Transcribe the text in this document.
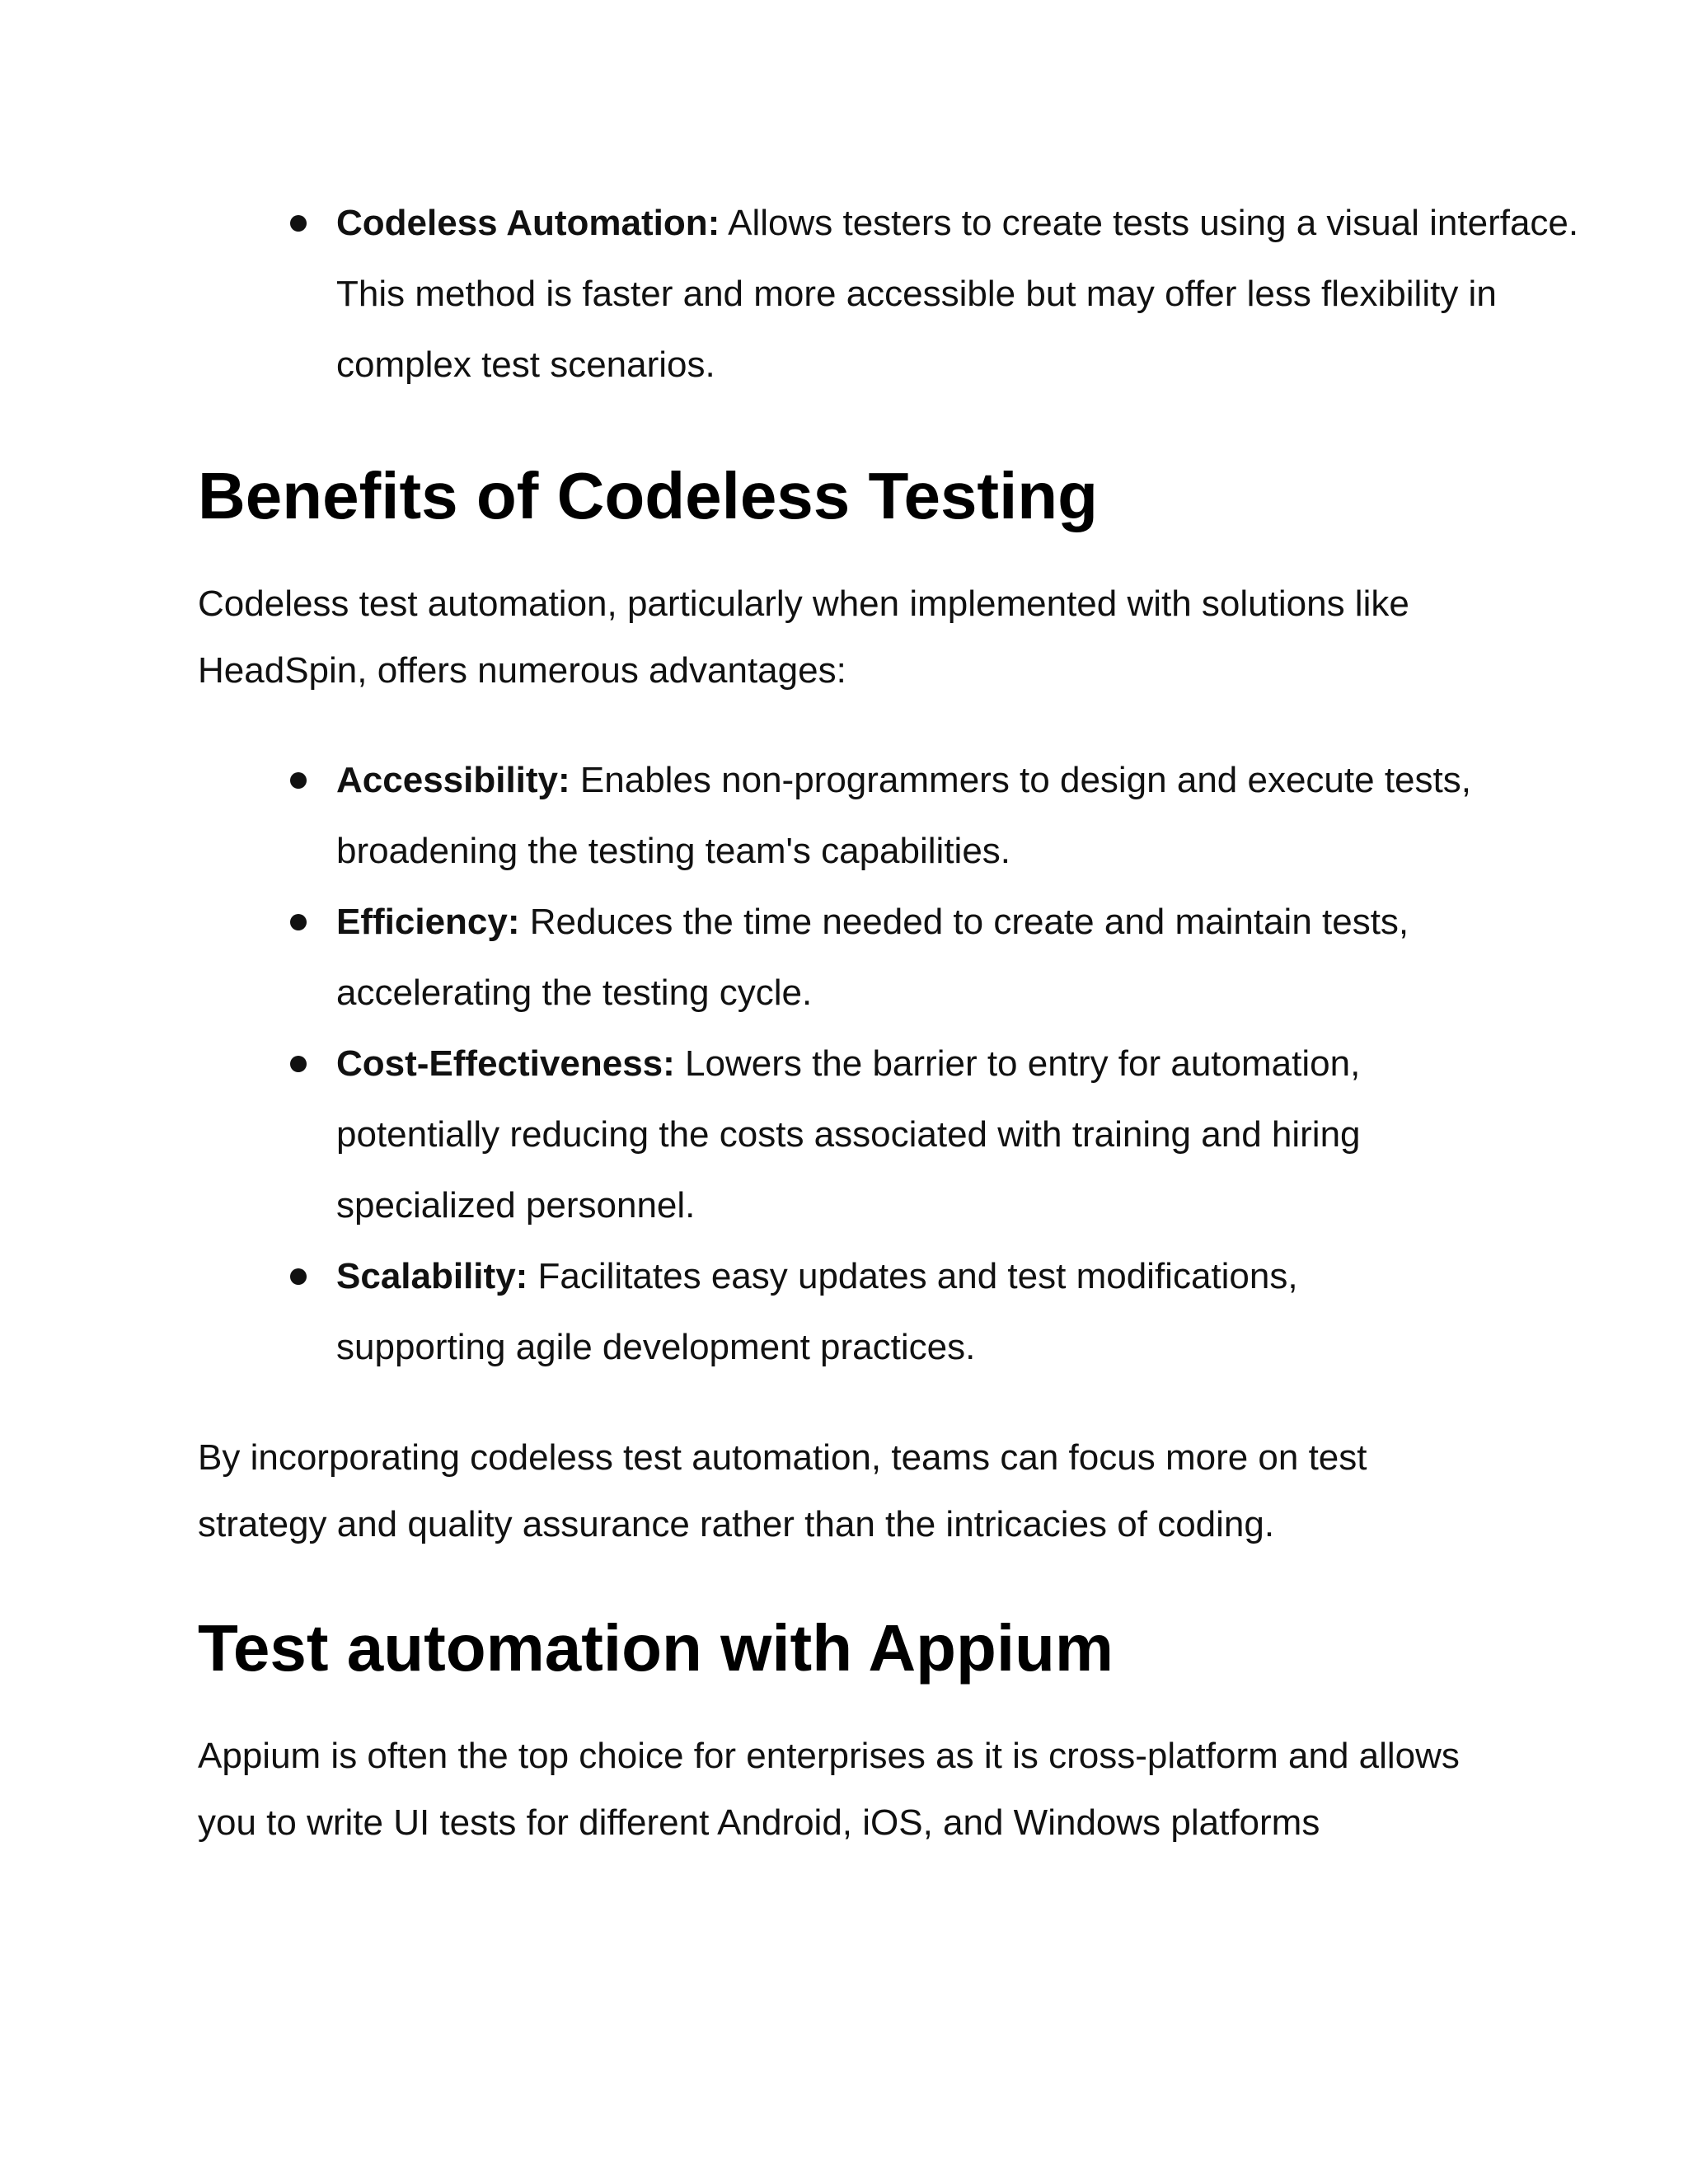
Codeless Automation: Allows testers to create tests using a visual interface. This method is faster and more accessible but may offer less flexibility in complex test scenarios.
Benefits of Codeless Testing

Codeless test automation, particularly when implemented with solutions like HeadSpin, offers numerous advantages:

Accessibility: Enables non-programmers to design and execute tests, broadening the testing team's capabilities.
Efficiency: Reduces the time needed to create and maintain tests, accelerating the testing cycle.
Cost-Effectiveness: Lowers the barrier to entry for automation, potentially reducing the costs associated with training and hiring specialized personnel.
Scalability: Facilitates easy updates and test modifications, supporting agile development practices.

By incorporating codeless test automation, teams can focus more on test strategy and quality assurance rather than the intricacies of coding.

Test automation with Appium

Appium is often the top choice for enterprises as it is cross-platform and allows you to write UI tests for different Android, iOS, and Windows platforms
